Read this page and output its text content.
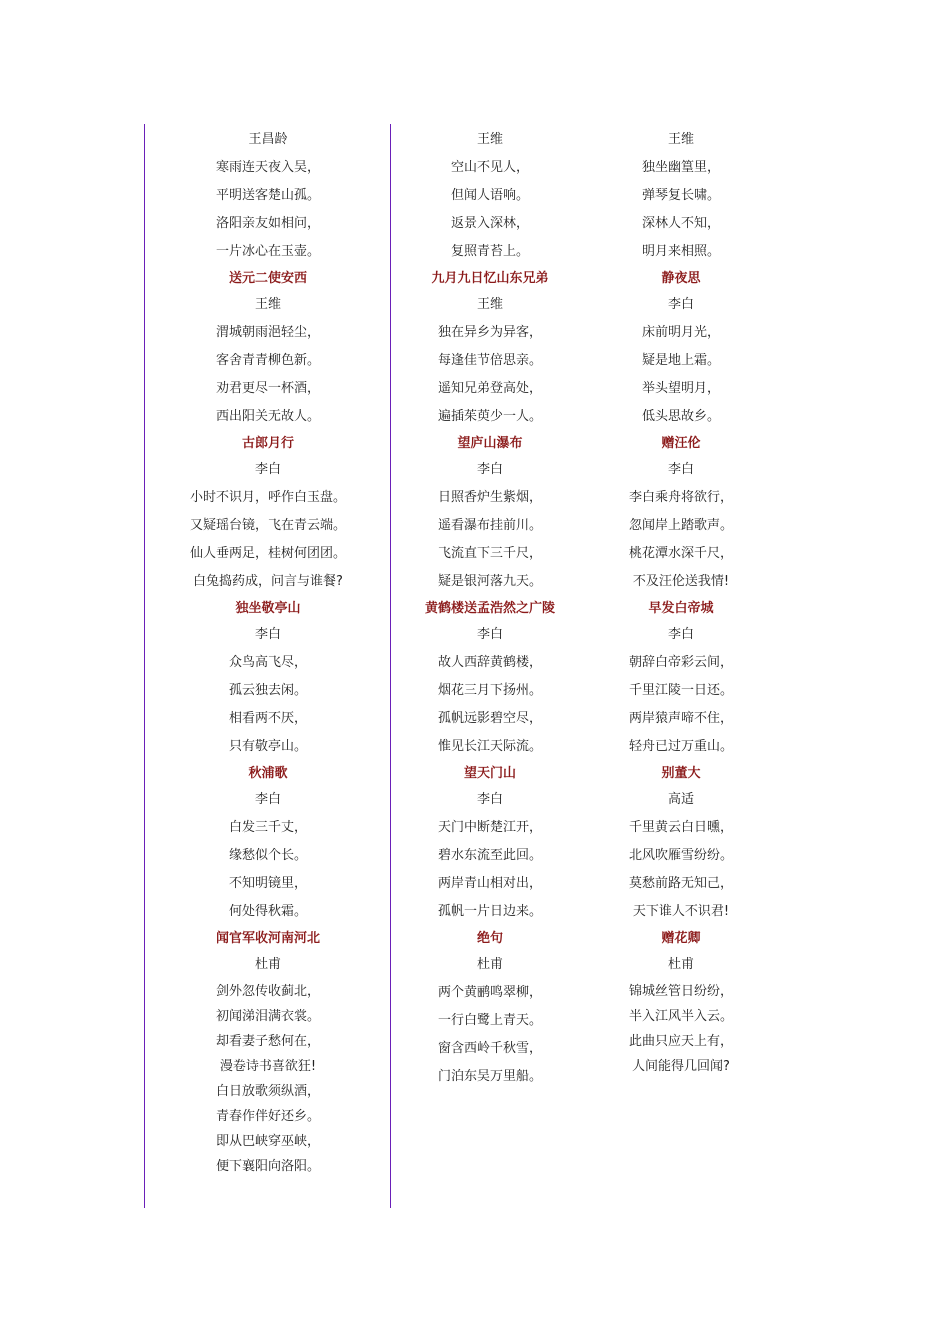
王昌龄
寒雨连天夜入吴，
平明送客楚山孤。
洛阳亲友如相问，
一片冰心在玉壶。
送元二使安西
王维
渭城朝雨浥轻尘，
客舍青青柳色新。
劝君更尽一杯酒，
西出阳关无故人。
古郎月行
李白
小时不识月，呼作白玉盘。
又疑瑶台镜，飞在青云端。
仙人垂两足，桂树何团团。
白兔捣药成，问言与谁餐?
独坐敬亭山
李白
众鸟高飞尽，
孤云独去闲。
相看两不厌，
只有敬亭山。
秋浦歌
李白
白发三千丈，
缘愁似个长。
不知明镜里，
何处得秋霜。
闻官军收河南河北
杜甫
剑外忽传收蓟北，
初闻涕泪满衣裳。
却看妻子愁何在，
漫卷诗书喜欲狂!
白日放歌须纵酒，
青春作伴好还乡。
即从巴峡穿巫峡，
便下襄阳向洛阳。
王维
空山不见人，
但闻人语响。
返景入深林，
复照青苔上。
九月九日忆山东兄弟
王维
独在异乡为异客，
每逢佳节倍思亲。
遥知兄弟登高处，
遍插茱萸少一人。
望庐山瀑布
李白
日照香炉生紫烟，
遥看瀑布挂前川。
飞流直下三千尺，
疑是银河落九天。
黄鹤楼送孟浩然之广陵
李白
故人西辞黄鹤楼，
烟花三月下扬州。
孤帆远影碧空尽，
惟见长江天际流。
望天门山
李白
天门中断楚江开，
碧水东流至此回。
两岸青山相对出，
孤帆一片日边来。
绝句
杜甫
两个黄鹂鸣翠柳，
一行白鹭上青天。
窗含西岭千秋雪，
门泊东吴万里船。
王维
独坐幽篁里，
弹琴复长啸。
深林人不知，
明月来相照。
静夜思
李白
床前明月光，
疑是地上霜。
举头望明月，
低头思故乡。
赠汪伦
李白
李白乘舟将欲行，
忽闻岸上踏歌声。
桃花潭水深千尺，
不及汪伦送我情!
早发白帝城
李白
朝辞白帝彩云间，
千里江陵一日还。
两岸猿声啼不住，
轻舟已过万重山。
别董大
高适
千里黄云白日曛，
北风吹雁雪纷纷。
莫愁前路无知己，
天下谁人不识君!
赠花卿
杜甫
锦城丝管日纷纷，
半入江风半入云。
此曲只应天上有，
人间能得几回闻?
